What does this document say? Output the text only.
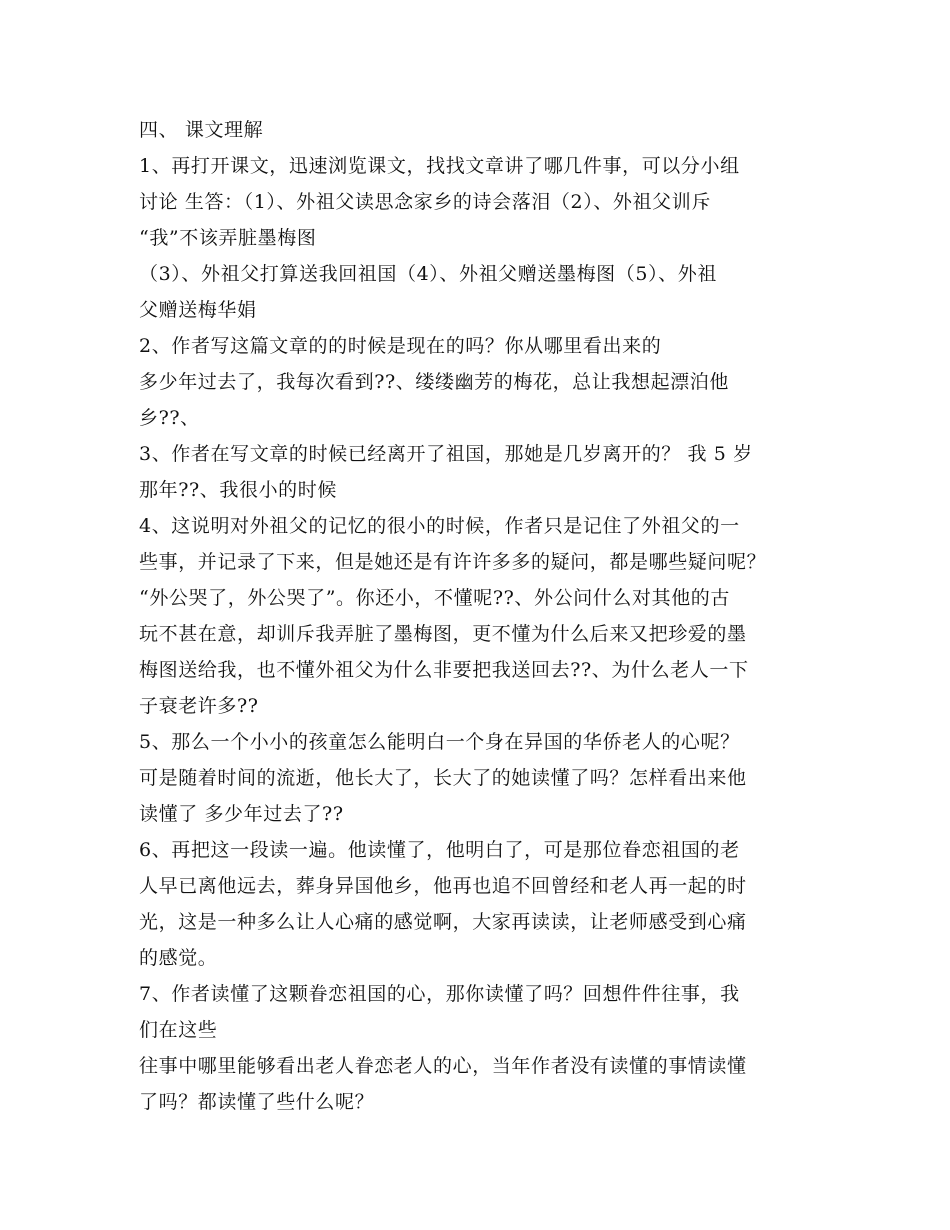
四、 课文理解
1、再打开课文，迅速浏览课文，找找文章讲了哪几件事，可以分小组
讨论 生答：（1）、外祖父读思念家乡的诗会落泪（2）、外祖父训斥
“我”不该弄脏墨梅图
（3）、外祖父打算送我回祖国（4）、外祖父赠送墨梅图（5）、外祖
父赠送梅华娟
2、作者写这篇文章的的时候是现在的吗？你从哪里看出来的
多少年过去了，我每次看到??、缕缕幽芳的梅花，总让我想起漂泊他
乡??、
3、作者在写文章的时候已经离开了祖国，那她是几岁离开的？ 我 5 岁
那年??、我很小的时候
4、这说明对外祖父的记忆的很小的时候，作者只是记住了外祖父的一
些事，并记录了下来，但是她还是有许许多多的疑问，都是哪些疑问呢？
“外公哭了，外公哭了”。你还小，不懂呢??、外公问什么对其他的古
玩不甚在意，却训斥我弄脏了墨梅图，更不懂为什么后来又把珍爱的墨
梅图送给我，也不懂外祖父为什么非要把我送回去??、为什么老人一下
子衰老许多??
5、那么一个小小的孩童怎么能明白一个身在异国的华侨老人的心呢？
可是随着时间的流逝，他长大了，长大了的她读懂了吗？怎样看出来他
读懂了 多少年过去了??
6、再把这一段读一遍。他读懂了，他明白了，可是那位眷恋祖国的老
人早已离他远去，葬身异国他乡，他再也追不回曾经和老人再一起的时
光，这是一种多么让人心痛的感觉啊，大家再读读，让老师感受到心痛
的感觉。
7、作者读懂了这颗眷恋祖国的心，那你读懂了吗？回想件件往事，我
们在这些
往事中哪里能够看出老人眷恋老人的心，当年作者没有读懂的事情读懂
了吗？都读懂了些什么呢？
